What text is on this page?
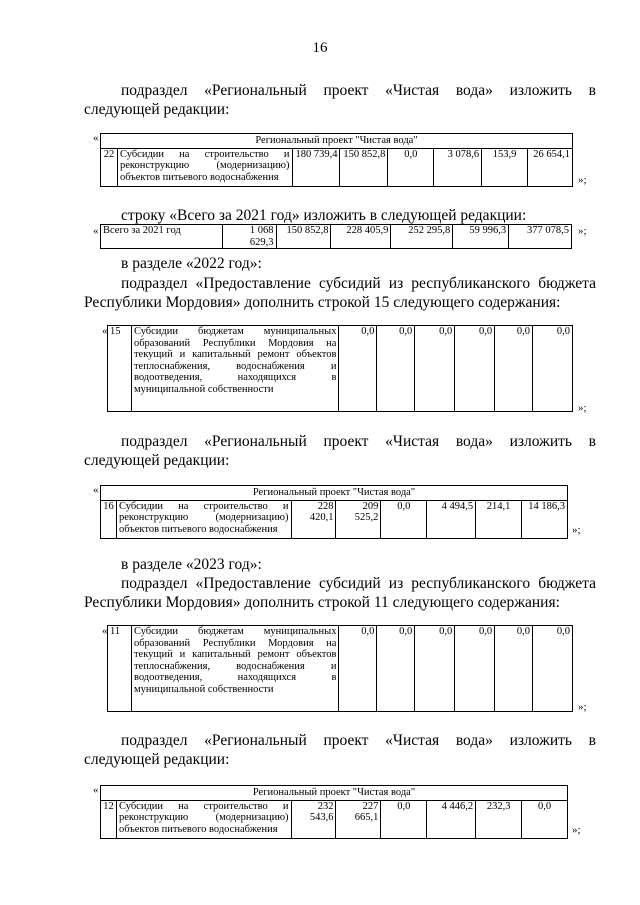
16
подраздел «Региональный проект «Чистая вода» изложить в
следующей редакции:
«	Региональный проект "Чистая вода"
22	Субсидии на строительство и реконструкцию (модернизацию) объектов питьевого водоснабжения	180 739,4	150 852,8	0,0	3 078,6	153,9	26 654,1
»;
строку «Всего за 2021 год» изложить в следующей редакции:
« Всего за 2021 год	1 068 629,3	150 852,8	228 405,9	252 295,8	59 996,3	377 078,5 »;
в разделе «2022 год»:
подраздел «Предоставление субсидий из республиканского бюджета
Республики Мордовия» дополнить строкой 15 следующего содержания:
« 15	Субсидии бюджетам муниципальных образований Республики Мордовия на текущий и капитальный ремонт объектов теплоснабжения, водоснабжения и водоотведения, находящихся в муниципальной собственности	0,0	0,0	0,0	0,0	0,0	0,0
»;
подраздел «Региональный проект «Чистая вода» изложить в
следующей редакции:
«	Региональный проект "Чистая вода"
16	Субсидии на строительство и реконструкцию (модернизацию) объектов питьевого водоснабжения	228 420,1	209 525,2	0,0	4 494,5	214,1	14 186,3
»;
в разделе «2023 год»:
подраздел «Предоставление субсидий из республиканского бюджета
Республики Мордовия» дополнить строкой 11 следующего содержания:
« 11	Субсидии бюджетам муниципальных образований Республики Мордовия на текущий и капитальный ремонт объектов теплоснабжения, водоснабжения и водоотведения, находящихся в муниципальной собственности	0,0	0,0	0,0	0,0	0,0	0,0
»;
подраздел «Региональный проект «Чистая вода» изложить в
следующей редакции:
«	Региональный проект "Чистая вода"
12	Субсидии на строительство и реконструкцию (модернизацию) объектов питьевого водоснабжения	232 543,6	227 665,1	0,0	4 446,2	232,3	0,0
»;
